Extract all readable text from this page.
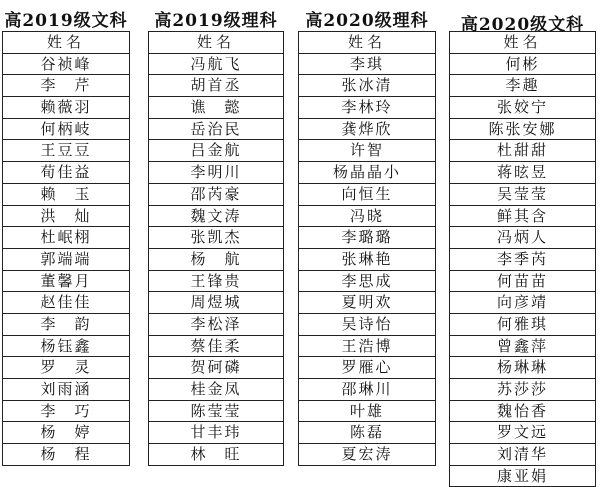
高2019级文科
姓名
谷祯峰
李　芹
赖薇羽
何柄岐
王豆豆
荀佳益
赖　玉
洪　灿
杜岷栩
郭端端
董馨月
赵佳佳
李　韵
杨钰鑫
罗　灵
刘雨涵
李　巧
杨　婷
杨　程
高2019级理科
姓名
冯航飞
胡首丞
谯　懿
岳治民
吕金航
李明川
邵芮豪
魏文涛
张凯杰
杨　航
王锋贵
周煜城
李松泽
蔡佳柔
贺砢磷
桂金凤
陈莹莹
甘丰玮
林　旺
高2020级理科
姓名
李琪
张冰清
李林玲
龚烨欣
许智
杨晶晶小
向恒生
冯晓
李璐璐
张琳艳
李思成
夏明欢
吴诗怡
王浩博
罗雁心
邵琳川
叶雄
陈磊
夏宏涛
高2020级文科
姓名
何彬
李趣
张姣宁
陈张安娜
杜甜甜
蒋昡昱
吴莹莹
鲜其含
冯炳人
李季芮
何苗苗
向彦靖
何雅琪
曾鑫萍
杨琳琳
苏莎莎
魏怡香
罗文远
刘清华
康亚娟
